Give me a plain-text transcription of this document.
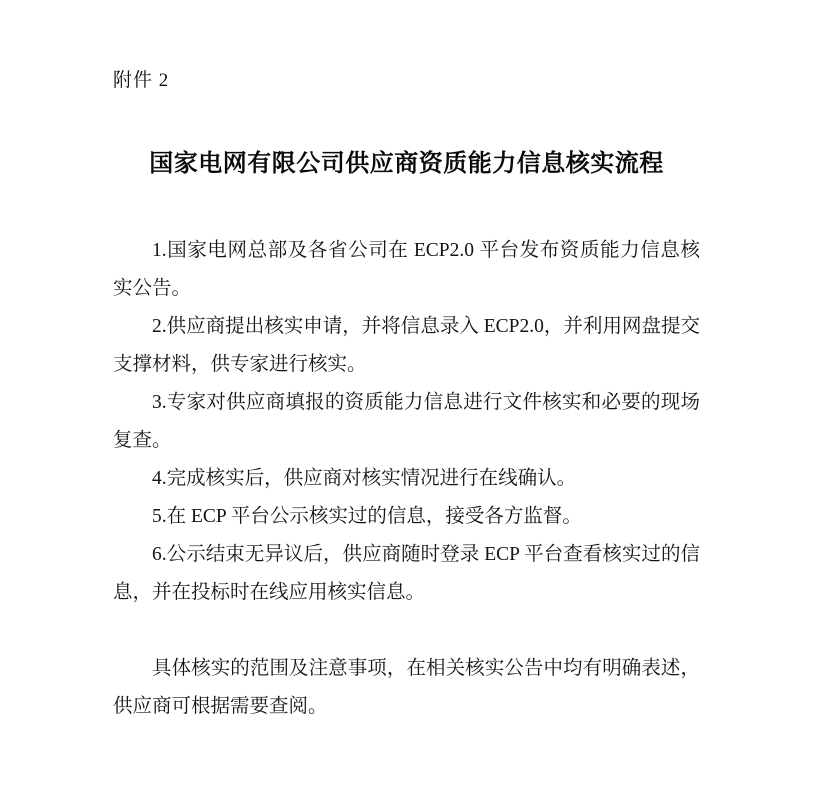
附件 2
国家电网有限公司供应商资质能力信息核实流程

1.国家电网总部及各省公司在 ECP2.0 平台发布资质能力信息核实公告。

2.供应商提出核实申请，并将信息录入 ECP2.0，并利用网盘提交支撑材料，供专家进行核实。

3.专家对供应商填报的资质能力信息进行文件核实和必要的现场复查。

4.完成核实后，供应商对核实情况进行在线确认。

5.在 ECP 平台公示核实过的信息，接受各方监督。

6.公示结束无异议后，供应商随时登录 ECP 平台查看核实过的信息，并在投标时在线应用核实信息。

具体核实的范围及注意事项，在相关核实公告中均有明确表述，供应商可根据需要查阅。
